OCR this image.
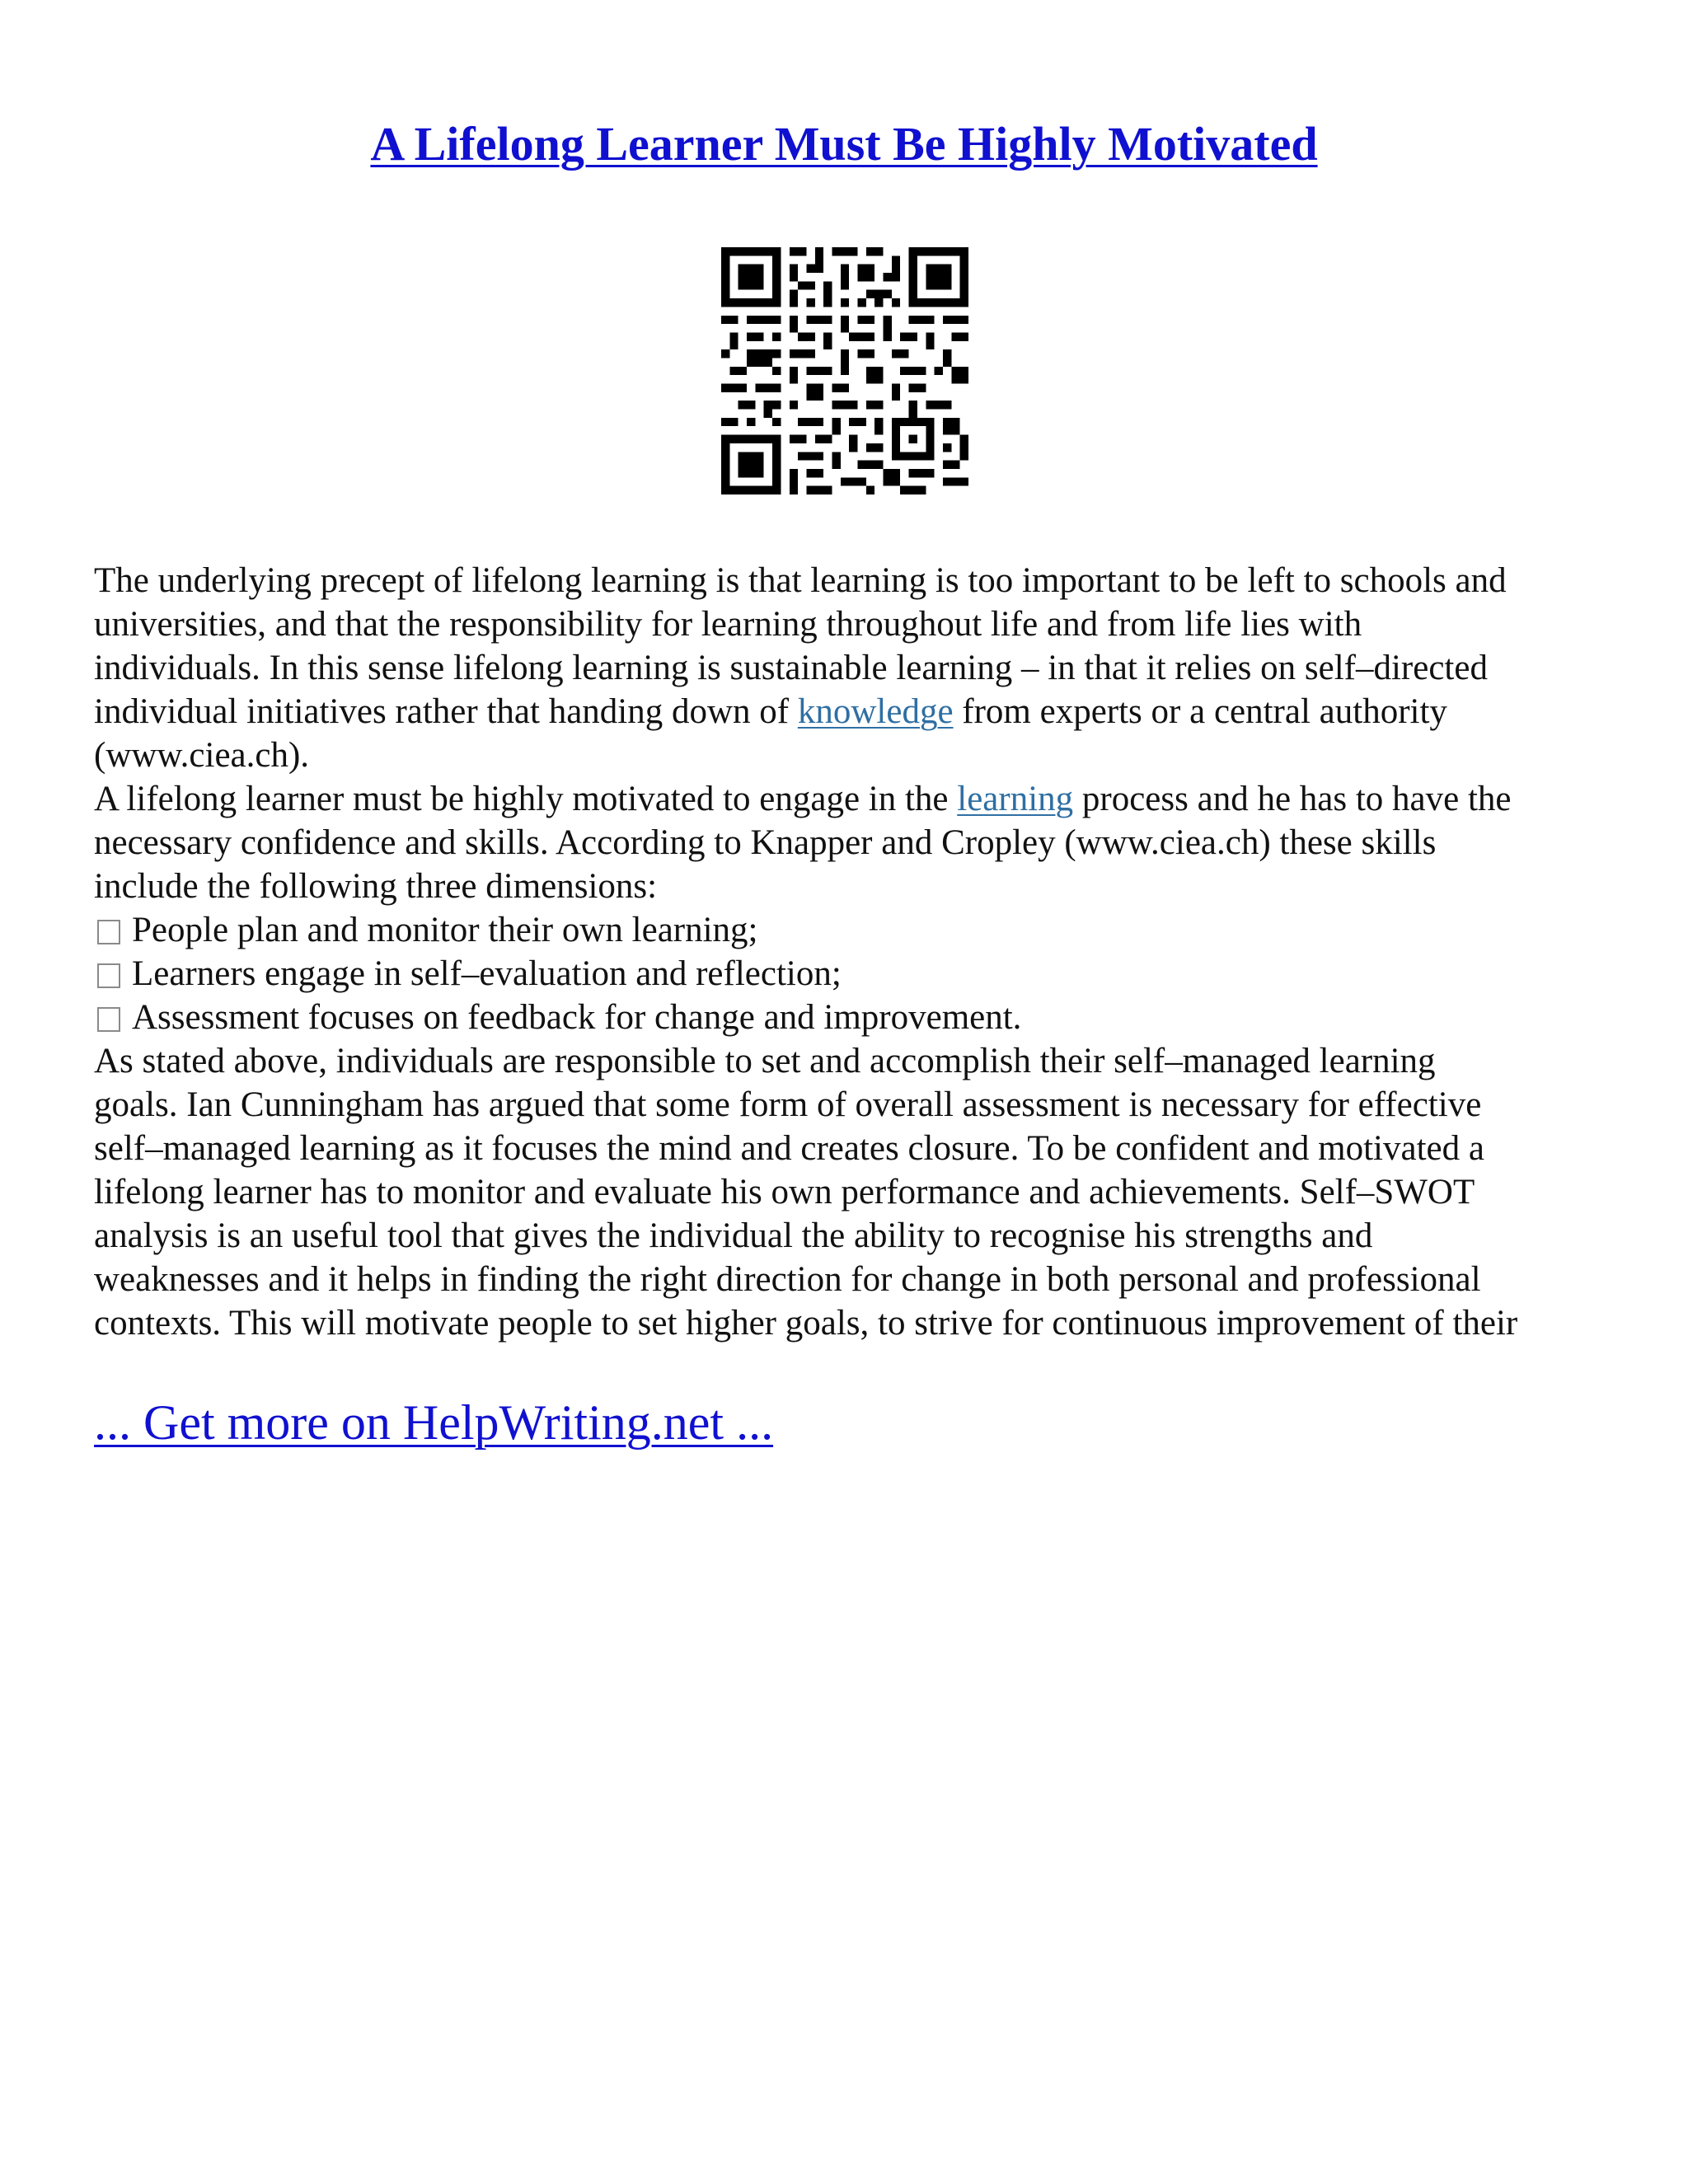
A Lifelong Learner Must Be Highly Motivated
The underlying precept of lifelong learning is that learning is too important to be left to schools and
universities, and that the responsibility for learning throughout life and from life lies with
individuals. In this sense lifelong learning is sustainable learning – in that it relies on self–directed
individual initiatives rather that handing down of knowledge from experts or a central authority
(www.ciea.ch).
A lifelong learner must be highly motivated to engage in the learning process and he has to have the
necessary confidence and skills. According to Knapper and Cropley (www.ciea.ch) these skills
include the following three dimensions:
People plan and monitor their own learning;
Learners engage in self–evaluation and reflection;
Assessment focuses on feedback for change and improvement.
As stated above, individuals are responsible to set and accomplish their self–managed learning
goals. Ian Cunningham has argued that some form of overall assessment is necessary for effective
self–managed learning as it focuses the mind and creates closure. To be confident and motivated a
lifelong learner has to monitor and evaluate his own performance and achievements. Self–SWOT
analysis is an useful tool that gives the individual the ability to recognise his strengths and
weaknesses and it helps in finding the right direction for change in both personal and professional
contexts. This will motivate people to set higher goals, to strive for continuous improvement of their
... Get more on HelpWriting.net ...
